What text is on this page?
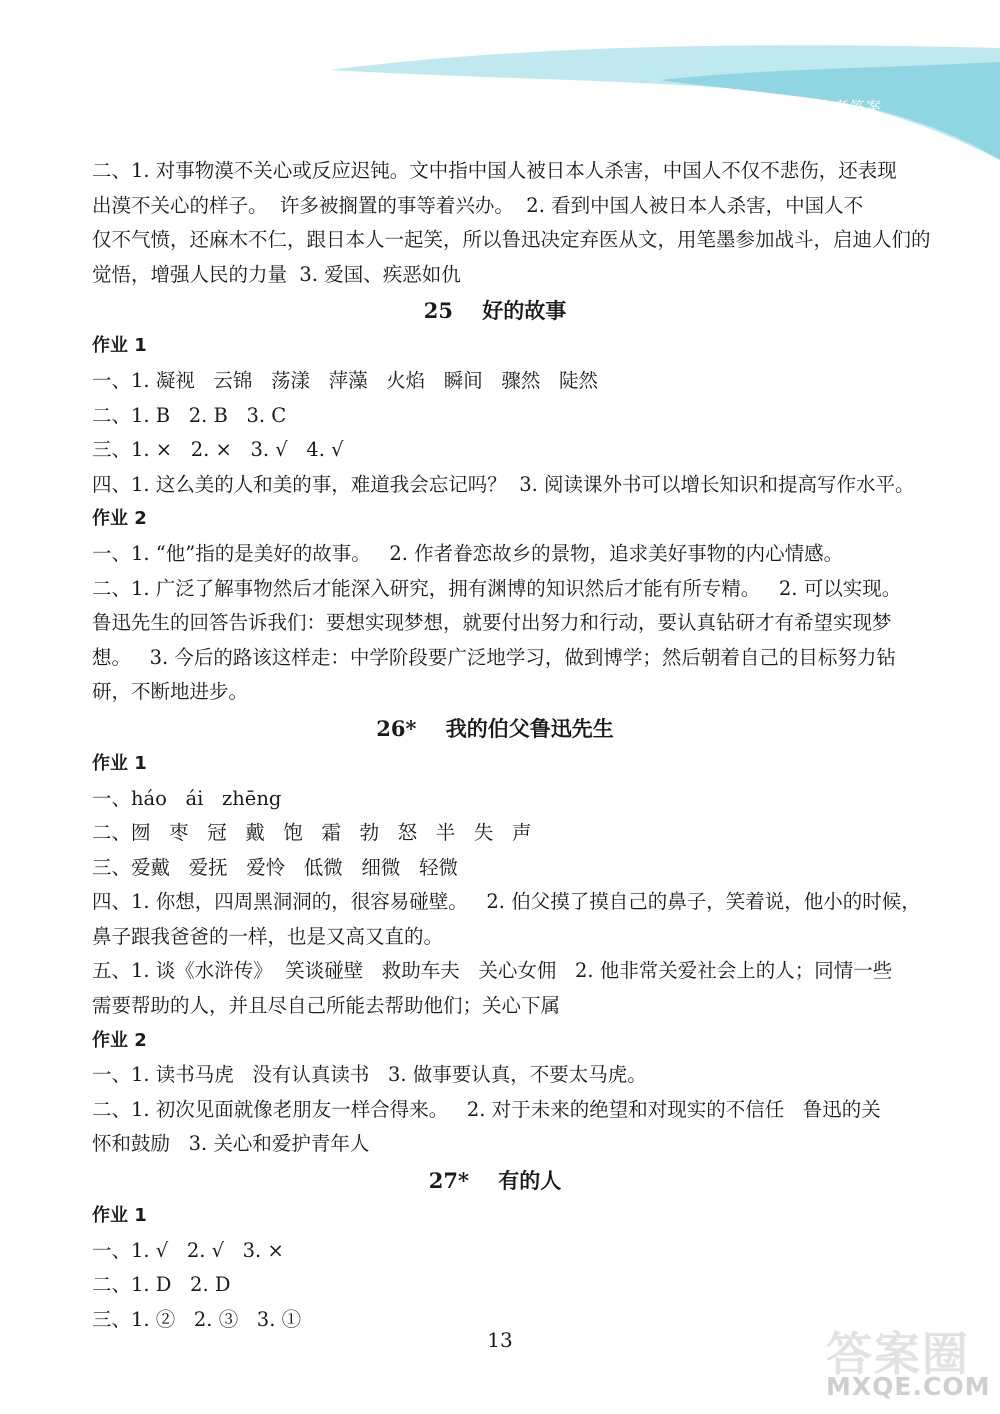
参考答案
二、1. 对事物漠不关心或反应迟钝。文中指中国人被日本人杀害，中国人不仅不悲伤，还表现
出漠不关心的样子。  许多被搁置的事等着兴办。  2. 看到中国人被日本人杀害，中国人不
仅不气愤，还麻木不仁，跟日本人一起笑，所以鲁迅决定弃医从文，用笔墨参加战斗，启迪人们的
觉悟，增强人民的力量  3. 爱国、疾恶如仇
25    好的故事
作业 1
一、1. 凝视   云锦   荡漾   萍藻   火焰   瞬间   骤然   陡然
二、1. B   2. B   3. C
三、1. ×   2. ×   3. √   4. √
四、1. 这么美的人和美的事，难道我会忘记吗？  3. 阅读课外书可以增长知识和提高写作水平。
作业 2
一、1. “他”指的是美好的故事。   2. 作者眷恋故乡的景物，追求美好事物的内心情感。
二、1. 广泛了解事物然后才能深入研究，拥有渊博的知识然后才能有所专精。   2. 可以实现。
鲁迅先生的回答告诉我们：要想实现梦想，就要付出努力和行动，要认真钻研才有希望实现梦
想。   3. 今后的路该这样走：中学阶段要广泛地学习，做到博学；然后朝着自己的目标努力钻
研，不断地进步。
26*    我的伯父鲁迅先生
作业 1
一、háo   ái   zhēng
二、囫   枣   冠   戴   饱   霜   勃   怒   半   失   声
三、爱戴   爱抚   爱怜   低微   细微   轻微
四、1. 你想，四周黑洞洞的，很容易碰壁。   2. 伯父摸了摸自己的鼻子，笑着说，他小的时候，
鼻子跟我爸爸的一样，也是又高又直的。
五、1. 谈《水浒传》  笑谈碰壁   救助车夫   关心女佣   2. 他非常关爱社会上的人；同情一些
需要帮助的人，并且尽自己所能去帮助他们；关心下属
作业 2
一、1. 读书马虎   没有认真读书   3. 做事要认真，不要太马虎。
二、1. 初次见面就像老朋友一样合得来。   2. 对于未来的绝望和对现实的不信任   鲁迅的关
怀和鼓励   3. 关心和爱护青年人
27*    有的人
作业 1
一、1. √   2. √   3. ×
二、1. D   2. D
三、1. ②   2. ③   3. ①
13	答案圈
MXQE.COM
